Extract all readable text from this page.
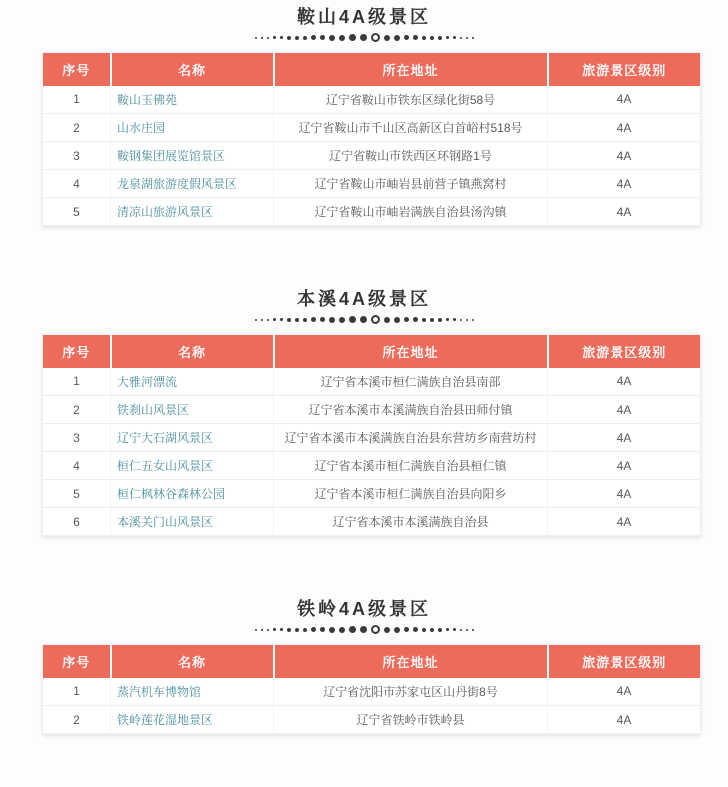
鞍山4A级景区
序号	名称	所在地址	旅游景区级别
1	鞍山玉佛苑	辽宁省鞍山市铁东区绿化街58号	4A
2	山水庄园	辽宁省鞍山市千山区高新区白首峪村518号	4A
3	鞍钢集团展览馆景区	辽宁省鞍山市铁西区环钢路1号	4A
4	龙泉湖旅游度假风景区	辽宁省鞍山市岫岩县前营子镇燕窝村	4A
5	清凉山旅游风景区	辽宁省鞍山市岫岩满族自治县汤沟镇	4A
本溪4A级景区
序号	名称	所在地址	旅游景区级别
1	大雅河漂流	辽宁省本溪市桓仁满族自治县南部	4A
2	铁刹山风景区	辽宁省本溪市本溪满族自治县田师付镇	4A
3	辽宁大石湖风景区	辽宁省本溪市本溪满族自治县东营坊乡南营坊村	4A
4	桓仁五女山风景区	辽宁省本溪市桓仁满族自治县桓仁镇	4A
5	桓仁枫林谷森林公园	辽宁省本溪市桓仁满族自治县向阳乡	4A
6	本溪关门山风景区	辽宁省本溪市本溪满族自治县	4A
铁岭4A级景区
序号	名称	所在地址	旅游景区级别
1	蒸汽机车博物馆	辽宁省沈阳市苏家屯区山丹街8号	4A
2	铁岭莲花湿地景区	辽宁省铁岭市铁岭县	4A
